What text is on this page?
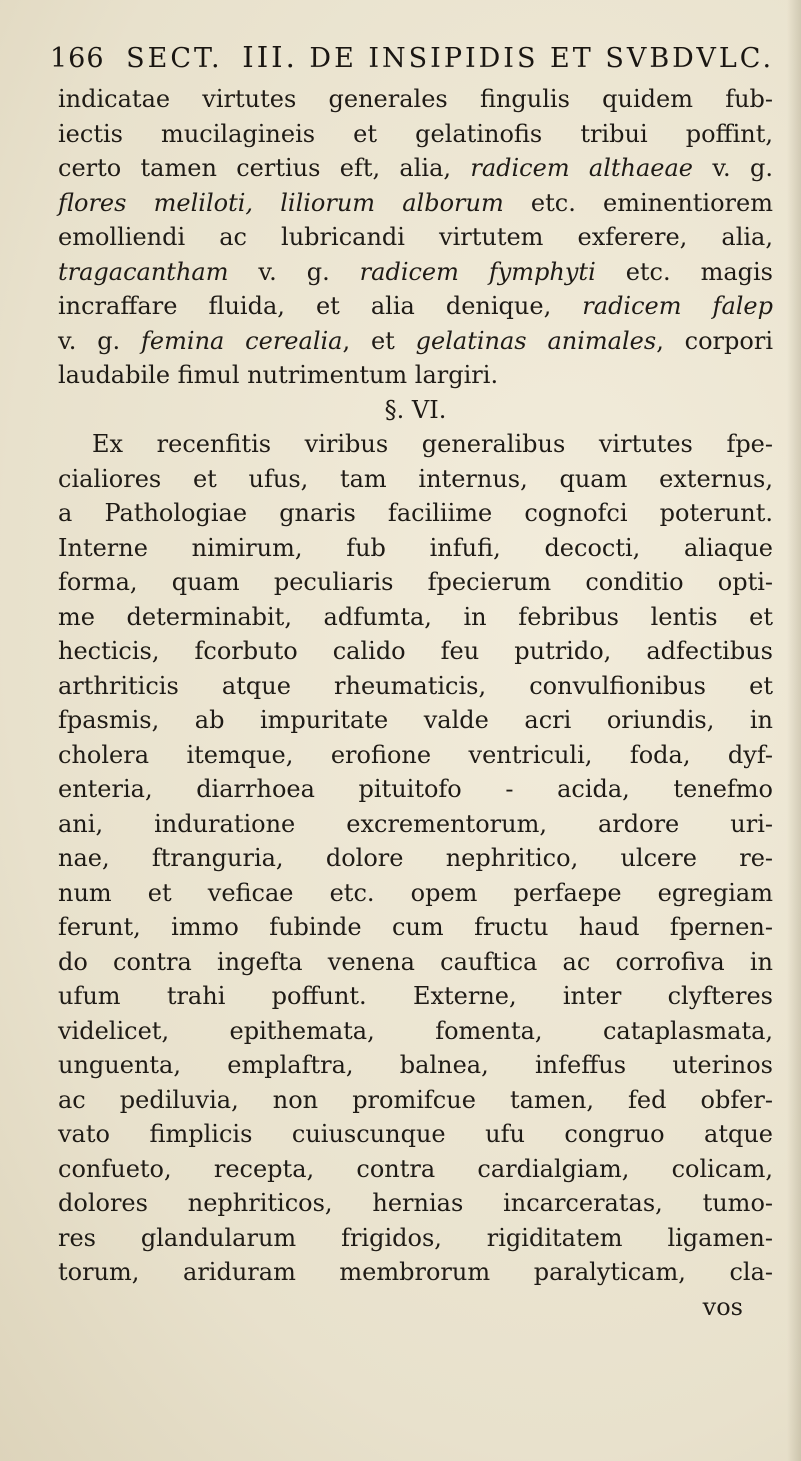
166 SECT. III. DE INSIPIDIS ET SVBDVLC.
indicatae virtutes generales fingulis quidem fub-
iectis mucilagineis et gelatinofis tribui poffint,
certo tamen certius eft, alia, radicem althaeae v. g.
flores meliloti, liliorum alborum etc. eminentiorem
emolliendi ac lubricandi virtutem exferere, alia,
tragacantham v. g. radicem fymphyti etc. magis
incraffare fluida, et alia denique, radicem falep
v. g. femina cerealia, et gelatinas animales, corpori
laudabile fimul nutrimentum largiri.
§. VI.
Ex recenfitis viribus generalibus virtutes fpe-
cialiores et ufus, tam internus, quam externus,
a Pathologiae gnaris faciliime cognofci poterunt.
Interne nimirum, fub infufi, decocti, aliaque
forma, quam peculiaris fpecierum conditio opti-
me determinabit, adfumta, in febribus lentis et
hecticis, fcorbuto calido feu putrido, adfectibus
arthriticis atque rheumaticis, convulfionibus et
fpasmis, ab impuritate valde acri oriundis, in
cholera itemque, erofione ventriculi, foda, dyf-
enteria, diarrhoea pituitofo - acida, tenefmo
ani, induratione excrementorum, ardore uri-
nae, ftranguria, dolore nephritico, ulcere re-
num et veficae etc. opem perfaepe egregiam
ferunt, immo fubinde cum fructu haud fpernen-
do contra ingefta venena cauftica ac corrofiva in
ufum trahi poffunt. Externe, inter clyfteres
videlicet, epithemata, fomenta, cataplasmata,
unguenta, emplaftra, balnea, infeffus uterinos
ac pediluvia, non promifcue tamen, fed obfer-
vato fimplicis cuiuscunque ufu congruo atque
confueto, recepta, contra cardialgiam, colicam,
dolores nephriticos, hernias incarceratas, tumo-
res glandularum frigidos, rigiditatem ligamen-
torum, ariduram membrorum paralyticam, cla-
vos
